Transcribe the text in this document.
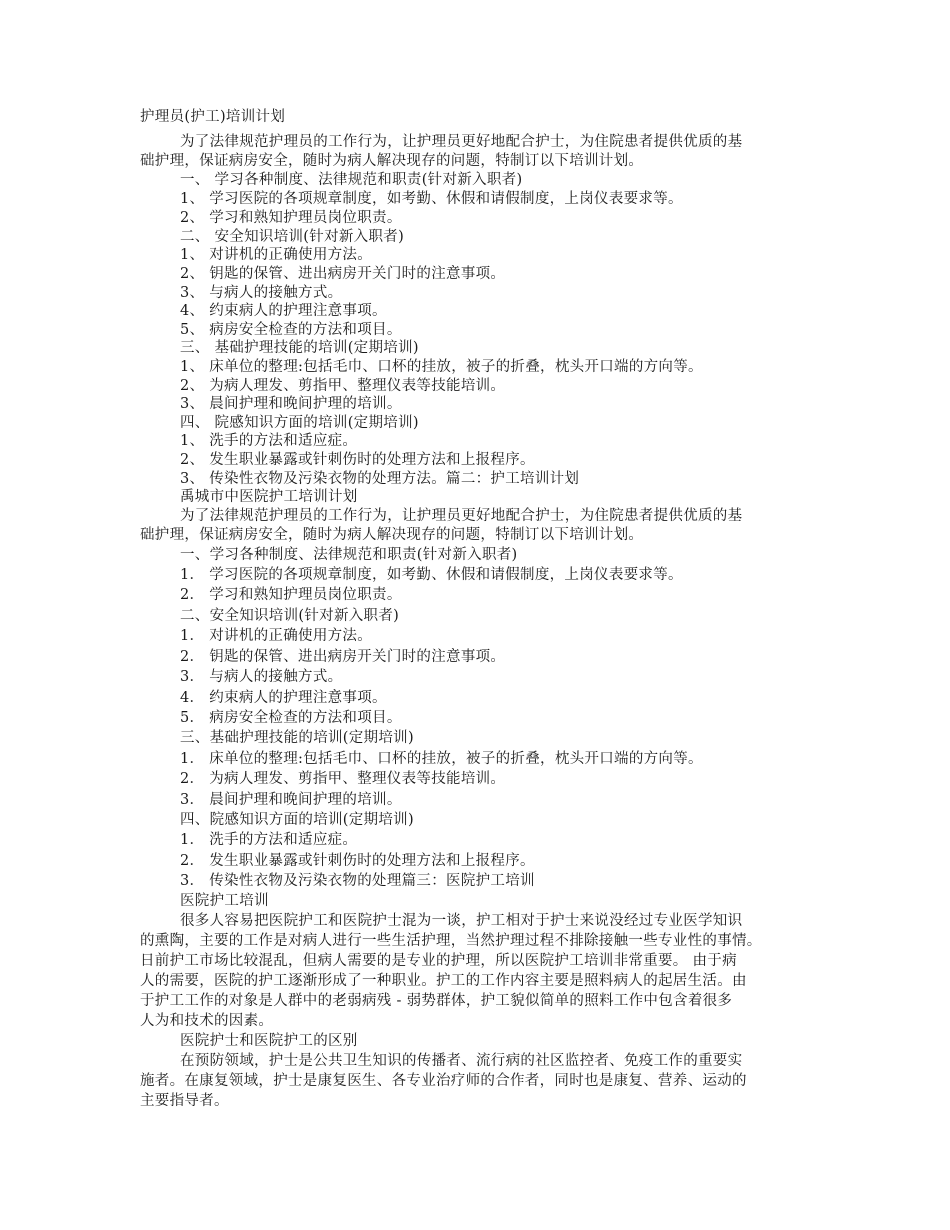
护理员(护工)培训计划
为了法律规范护理员的工作行为，让护理员更好地配合护士，为住院患者提供优质的基
础护理，保证病房安全，随时为病人解决现存的问题，特制订以下培训计划。
一、 学习各种制度、法律规范和职责(针对新入职者)
1、 学习医院的各项规章制度，如考勤、休假和请假制度，上岗仪表要求等。
2、 学习和熟知护理员岗位职责。
二、 安全知识培训(针对新入职者)
1、 对讲机的正确使用方法。
2、 钥匙的保管、进出病房开关门时的注意事项。
3、 与病人的接触方式。
4、 约束病人的护理注意事项。
5、 病房安全检查的方法和项目。
三、 基础护理技能的培训(定期培训)
1、 床单位的整理:包括毛巾、口杯的挂放，被子的折叠，枕头开口端的方向等。
2、 为病人理发、剪指甲、整理仪表等技能培训。
3、 晨间护理和晚间护理的培训。
四、 院感知识方面的培训(定期培训)
1、 洗手的方法和适应症。
2、 发生职业暴露或针刺伤时的处理方法和上报程序。
3、 传染性衣物及污染衣物的处理方法。篇二：护工培训计划
禹城市中医院护工培训计划
为了法律规范护理员的工作行为，让护理员更好地配合护士，为住院患者提供优质的基
础护理，保证病房安全，随时为病人解决现存的问题，特制订以下培训计划。
一、学习各种制度、法律规范和职责(针对新入职者)
1． 学习医院的各项规章制度，如考勤、休假和请假制度，上岗仪表要求等。
2． 学习和熟知护理员岗位职责。
二、安全知识培训(针对新入职者)
1． 对讲机的正确使用方法。
2． 钥匙的保管、进出病房开关门时的注意事项。
3． 与病人的接触方式。
4． 约束病人的护理注意事项。
5． 病房安全检查的方法和项目。
三、基础护理技能的培训(定期培训)
1． 床单位的整理:包括毛巾、口杯的挂放，被子的折叠，枕头开口端的方向等。
2． 为病人理发、剪指甲、整理仪表等技能培训。
3． 晨间护理和晚间护理的培训。
四、院感知识方面的培训(定期培训)
1． 洗手的方法和适应症。
2． 发生职业暴露或针刺伤时的处理方法和上报程序。
3． 传染性衣物及污染衣物的处理篇三：医院护工培训
医院护工培训
很多人容易把医院护工和医院护士混为一谈，护工相对于护士来说没经过专业医学知识
的熏陶，主要的工作是对病人进行一些生活护理，当然护理过程不排除接触一些专业性的事情。
日前护工市场比较混乱，但病人需要的是专业的护理，所以医院护工培训非常重要。 由于病
人的需要，医院的护工逐渐形成了一种职业。护工的工作内容主要是照料病人的起居生活。由
于护工工作的对象是人群中的老弱病残 - 弱势群体，护工貌似简单的照料工作中包含着很多
人为和技术的因素。
医院护士和医院护工的区别
在预防领域，护士是公共卫生知识的传播者、流行病的社区监控者、免疫工作的重要实
施者。在康复领域，护士是康复医生、各专业治疗师的合作者，同时也是康复、营养、运动的
主要指导者。
